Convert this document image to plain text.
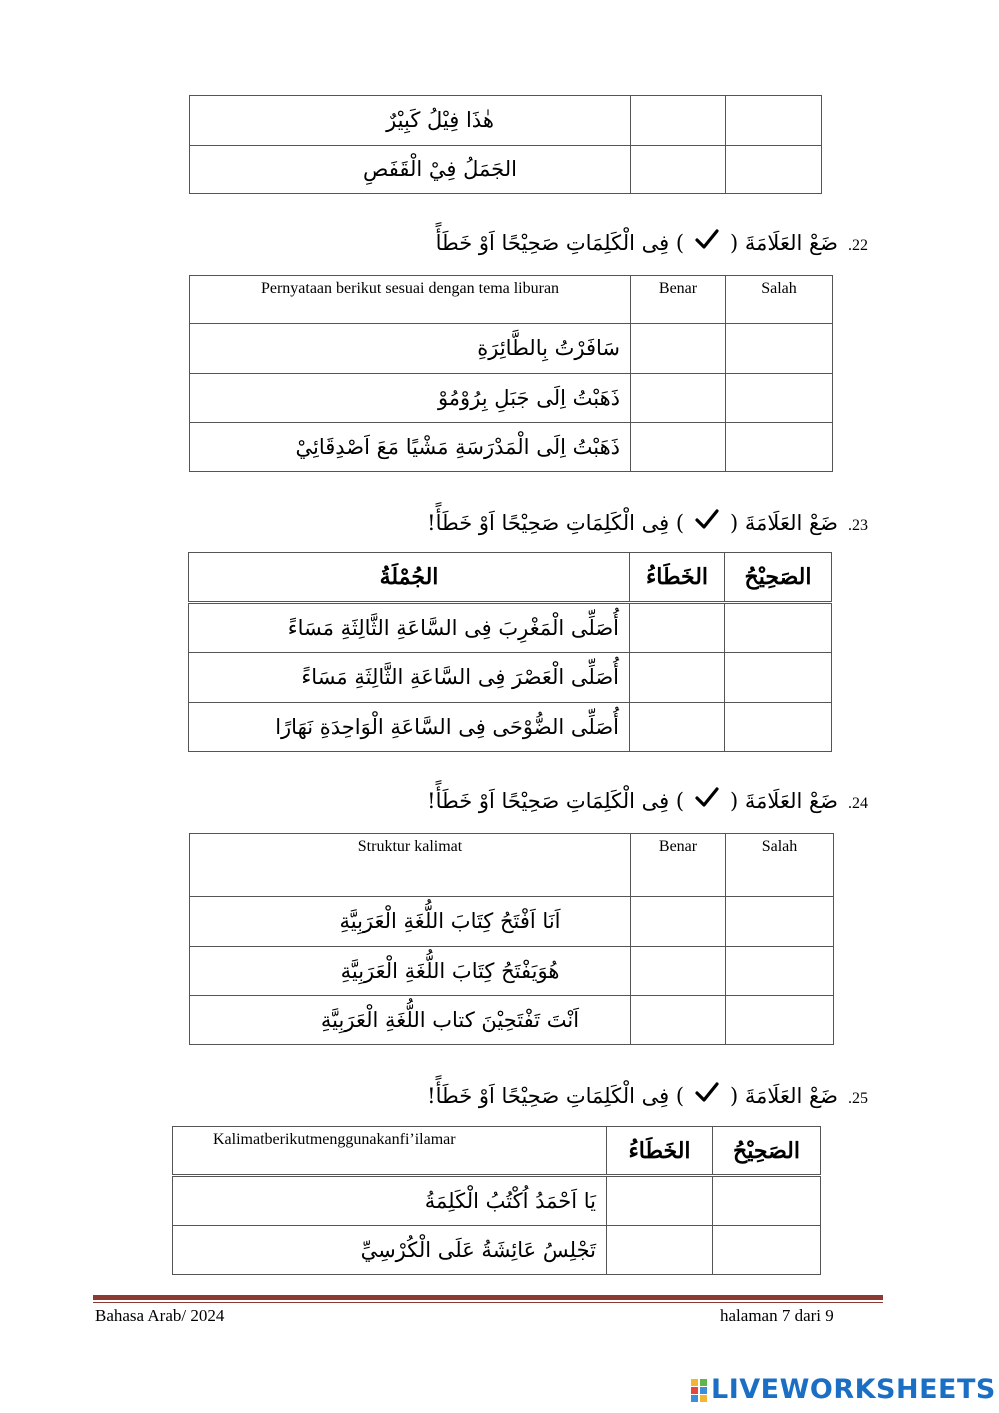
هٰذَا فِيْلُ كَبِيْرٌ		
الجَمَلُ فِيْ الْقَفَصِ		
.22
ضَعْ العَلَامَةَ (
) فِى الْكَلِمَاتِ صَحِيْحًا اَوْ خَطَأً
Pernyataan berikut sesuai dengan tema liburan	Benar	Salah
سَافَرْتُ بِالطَّائِرَةِ		
ذَهَبْتُ اِلَى جَبَلِ بِرُوْمُوْ		
ذَهَبْتُ اِلَى الْمَدْرَسَةِ مَشْيًا مَعَ اَصْدِقَائِيْ		
.23
ضَعْ العَلَامَةَ (
) فِى الْكَلِمَاتِ صَحِيْحًا اَوْ خَطَأً!
الجُمْلَةُ	الخَطَاءُ	الصَحِيْحُ
أُصَلِّى الْمَغْرِبَ فِى السَّاعَةِ الثَّالِثَةِ مَسَاءً		
أُصَلِّى الْعَصْرَ فِى السَّاعَةِ الثَّالِثَةِ مَسَاءً		
أُصَلِّى الضُّوْحَى فِى السَّاعَةِ الْوَاحِدَةِ نَهَارًا		
.24
ضَعْ العَلَامَةَ (
) فِى الْكَلِمَاتِ صَحِيْحًا اَوْ خَطَأً!
Struktur kalimat	Benar	Salah
اَنَا اَفْتَحُ كِتَابَ اللُّغَةِ الْعَرَبِيَّةِ		
هُوَيَفْتَحُ كِتَابَ اللُّغَةِ الْعَرَبِيَّةِ		
اَنْتَ تَفْتَحِيْنَ كتاب اللُّغَةِ الْعَرَبِيَّةِ		
.25
ضَعْ العَلَامَةَ (
) فِى الْكَلِمَاتِ صَحِيْحًا اَوْ خَطَأً!
Kalimatberikutmenggunakanfi’ilamar	الخَطَاءُ	الصَحِيْحُ
يَا اَحْمَدُ اُكْتُبُ الْكَلِمَةُ		
تَجْلِسُ عَائِشَةُ عَلَى الْكُرْسِيِّ		
Bahasa Arab/ 2024	halaman 7 dari 9
LIVEWORKSHEETS
